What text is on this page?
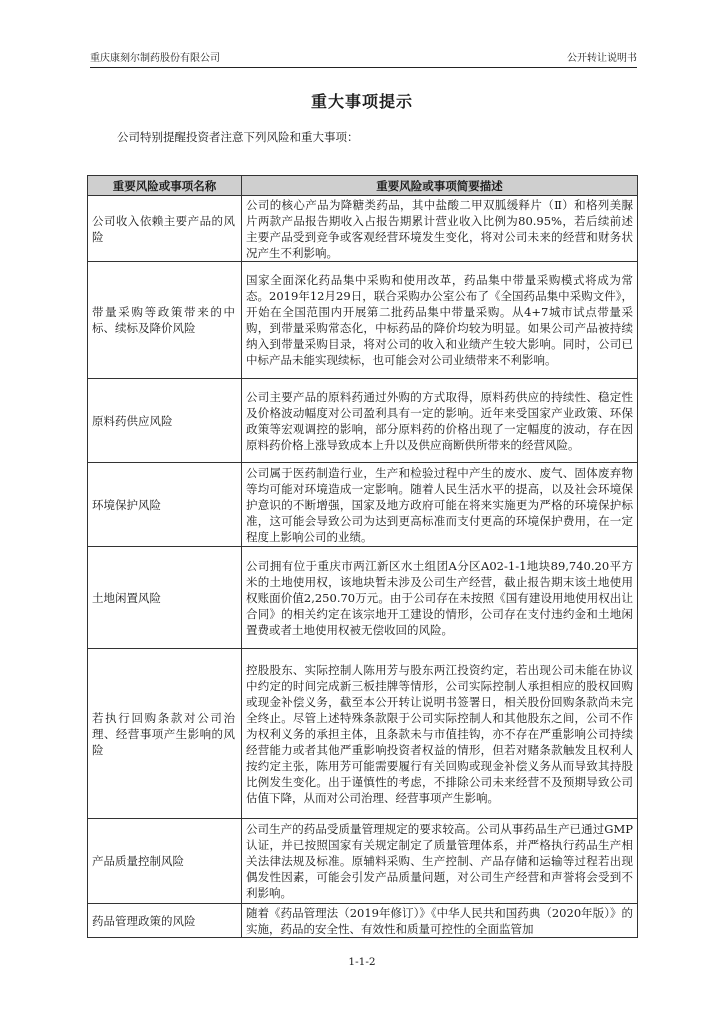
重庆康刻尔制药股份有限公司	公开转让说明书
重大事项提示
公司特别提醒投资者注意下列风险和重大事项：
重要风险或事项名称	重要风险或事项简要描述
公司收入依赖主要产品的风险	公司的核心产品为降糖类药品，其中盐酸二甲双胍缓释片（Ⅱ）和格列美脲片两款产品报告期收入占报告期累计营业收入比例为80.95%，若后续前述主要产品受到竞争或客观经营环境发生变化，将对公司未来的经营和财务状况产生不利影响。
带量采购等政策带来的中标、续标及降价风险	国家全面深化药品集中采购和使用改革，药品集中带量采购模式将成为常态。2019年12月29日，联合采购办公室公布了《全国药品集中采购文件》，开始在全国范围内开展第二批药品集中带量采购。从4+7城市试点带量采购，到带量采购常态化，中标药品的降价均较为明显。如果公司产品被持续纳入到带量采购目录，将对公司的收入和业绩产生较大影响。同时，公司已中标产品未能实现续标，也可能会对公司业绩带来不利影响。
原料药供应风险	公司主要产品的原料药通过外购的方式取得，原料药供应的持续性、稳定性及价格波动幅度对公司盈利具有一定的影响。近年来受国家产业政策、环保政策等宏观调控的影响，部分原料药的价格出现了一定幅度的波动，存在因原料药价格上涨导致成本上升以及供应商断供所带来的经营风险。
环境保护风险	公司属于医药制造行业，生产和检验过程中产生的废水、废气、固体废弃物等均可能对环境造成一定影响。随着人民生活水平的提高，以及社会环境保护意识的不断增强，国家及地方政府可能在将来实施更为严格的环境保护标准，这可能会导致公司为达到更高标准而支付更高的环境保护费用，在一定程度上影响公司的业绩。
土地闲置风险	公司拥有位于重庆市两江新区水土组团A分区A02-1-1地块89,740.20平方米的土地使用权，该地块暂未涉及公司生产经营，截止报告期末该土地使用权账面价值2,250.70万元。由于公司存在未按照《国有建设用地使用权出让合同》的相关约定在该宗地开工建设的情形，公司存在支付违约金和土地闲置费或者土地使用权被无偿收回的风险。
若执行回购条款对公司治理、经营事项产生影响的风险	控股股东、实际控制人陈用芳与股东两江投资约定，若出现公司未能在协议中约定的时间完成新三板挂牌等情形，公司实际控制人承担相应的股权回购或现金补偿义务，截至本公开转让说明书签署日，相关股份回购条款尚未完全终止。尽管上述特殊条款限于公司实际控制人和其他股东之间，公司不作为权利义务的承担主体，且条款未与市值挂钩，亦不存在严重影响公司持续经营能力或者其他严重影响投资者权益的情形，但若对赌条款触发且权利人按约定主张，陈用芳可能需要履行有关回购或现金补偿义务从而导致其持股比例发生变化。出于谨慎性的考虑，不排除公司未来经营不及预期导致公司估值下降，从而对公司治理、经营事项产生影响。
产品质量控制风险	公司生产的药品受质量管理规定的要求较高。公司从事药品生产已通过GMP认证，并已按照国家有关规定制定了质量管理体系，并严格执行药品生产相关法律法规及标准。原辅料采购、生产控制、产品存储和运输等过程若出现偶发性因素，可能会引发产品质量问题，对公司生产经营和声誉将会受到不利影响。
药品管理政策的风险	随着《药品管理法（2019年修订）》《中华人民共和国药典（2020年版）》的实施，药品的安全性、有效性和质量可控性的全面监管加
1-1-2
